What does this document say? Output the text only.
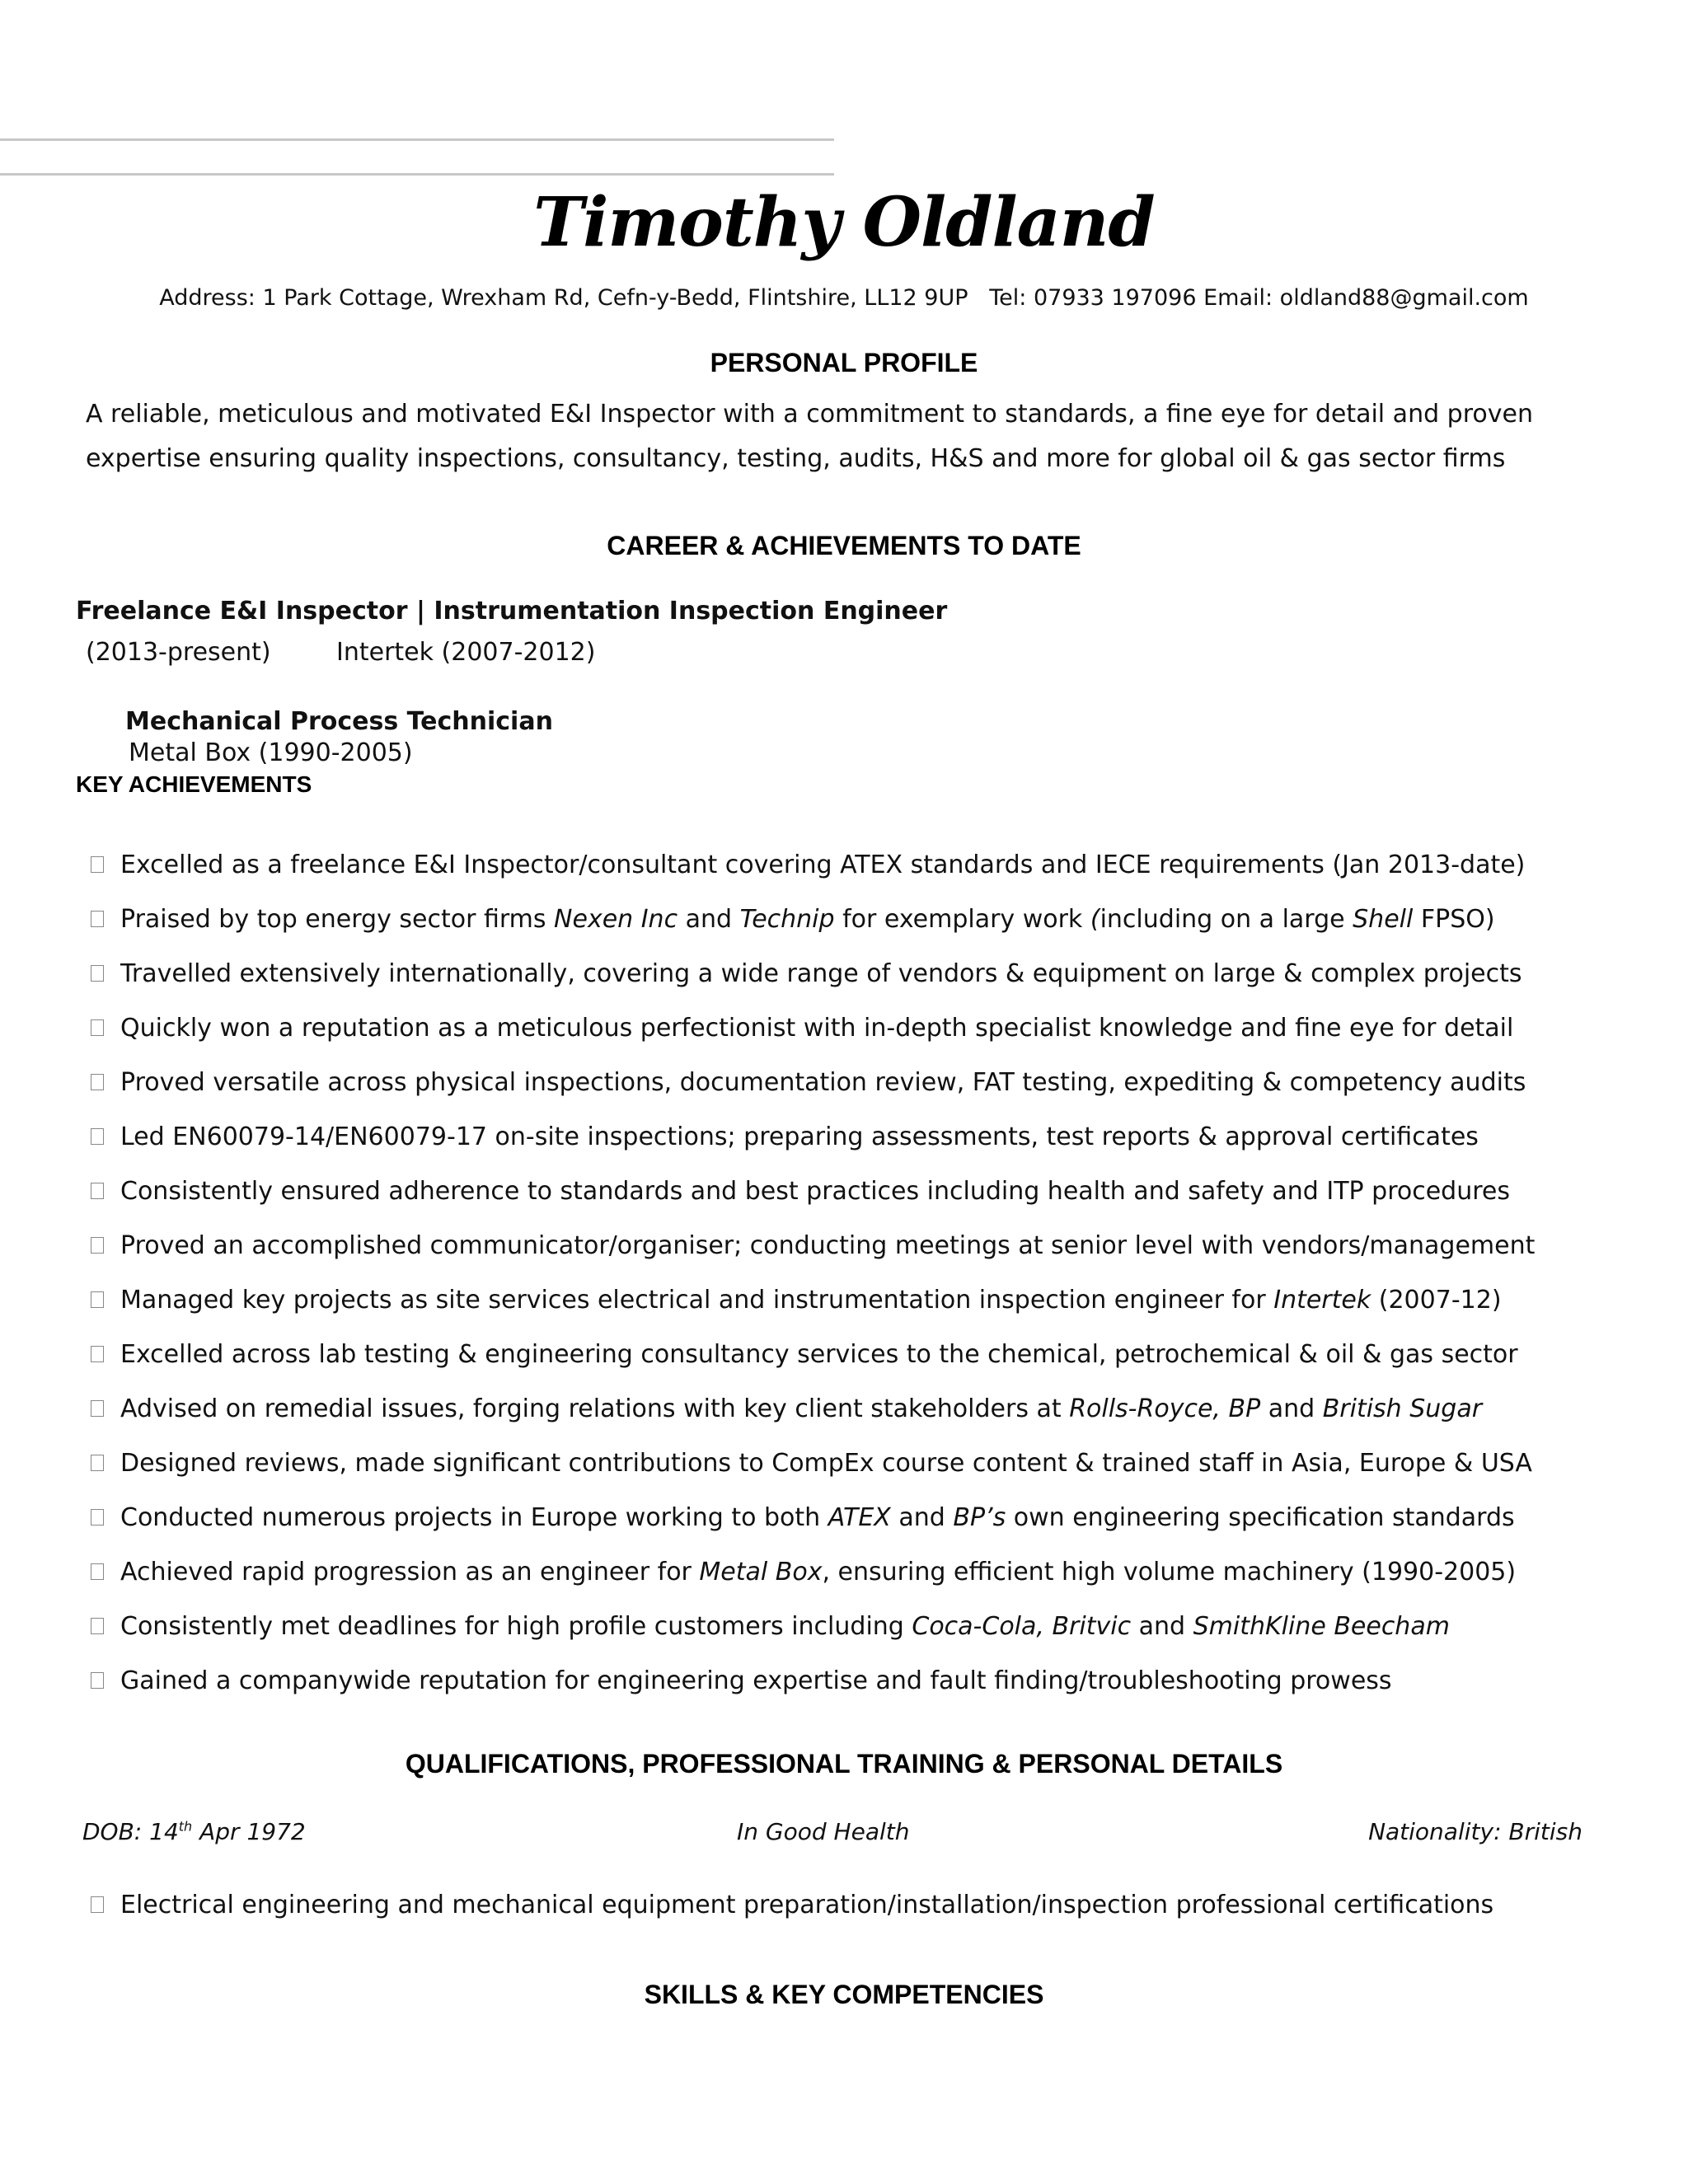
Timothy Oldland
Address: 1 Park Cottage, Wrexham Rd, Cefn-y-Bedd, Flintshire, LL12 9UP   Tel: 07933 197096 Email: oldland88@gmail.com
PERSONAL PROFILE
A reliable, meticulous and motivated E&I Inspector with a commitment to standards, a fine eye for detail and proven expertise ensuring quality inspections, consultancy, testing, audits, H&S and more for global oil & gas sector firms
CAREER & ACHIEVEMENTS TO DATE
Freelance E&I Inspector | Instrumentation Inspection Engineer
(2013-present)	Intertek (2007-2012)
Mechanical Process Technician
Metal Box (1990-2005)
KEY ACHIEVEMENTS
Excelled as a freelance E&I Inspector/consultant covering ATEX standards and IECE requirements (Jan 2013-date)
Praised by top energy sector firms Nexen Inc and Technip for exemplary work (including on a large Shell FPSO)
Travelled extensively internationally, covering a wide range of vendors & equipment on large & complex projects
Quickly won a reputation as a meticulous perfectionist with in-depth specialist knowledge and fine eye for detail
Proved versatile across physical inspections, documentation review, FAT testing, expediting & competency audits
Led EN60079-14/EN60079-17 on-site inspections; preparing assessments, test reports & approval certificates
Consistently ensured adherence to standards and best practices including health and safety and ITP procedures
Proved an accomplished communicator/organiser; conducting meetings at senior level with vendors/management
Managed key projects as site services electrical and instrumentation inspection engineer for Intertek (2007-12)
Excelled across lab testing & engineering consultancy services to the chemical, petrochemical & oil & gas sector
Advised on remedial issues, forging relations with key client stakeholders at Rolls-Royce, BP and British Sugar
Designed reviews, made significant contributions to CompEx course content & trained staff in Asia, Europe & USA
Conducted numerous projects in Europe working to both ATEX and BP’s own engineering specification standards
Achieved rapid progression as an engineer for Metal Box, ensuring efficient high volume machinery (1990-2005)
Consistently met deadlines for high profile customers including Coca-Cola, Britvic and SmithKline Beecham
Gained a companywide reputation for engineering expertise and fault finding/troubleshooting prowess
QUALIFICATIONS, PROFESSIONAL TRAINING & PERSONAL DETAILS
DOB: 14th Apr 1972	In Good Health	Nationality: British
Electrical engineering and mechanical equipment preparation/installation/inspection professional certifications
SKILLS & KEY COMPETENCIES
